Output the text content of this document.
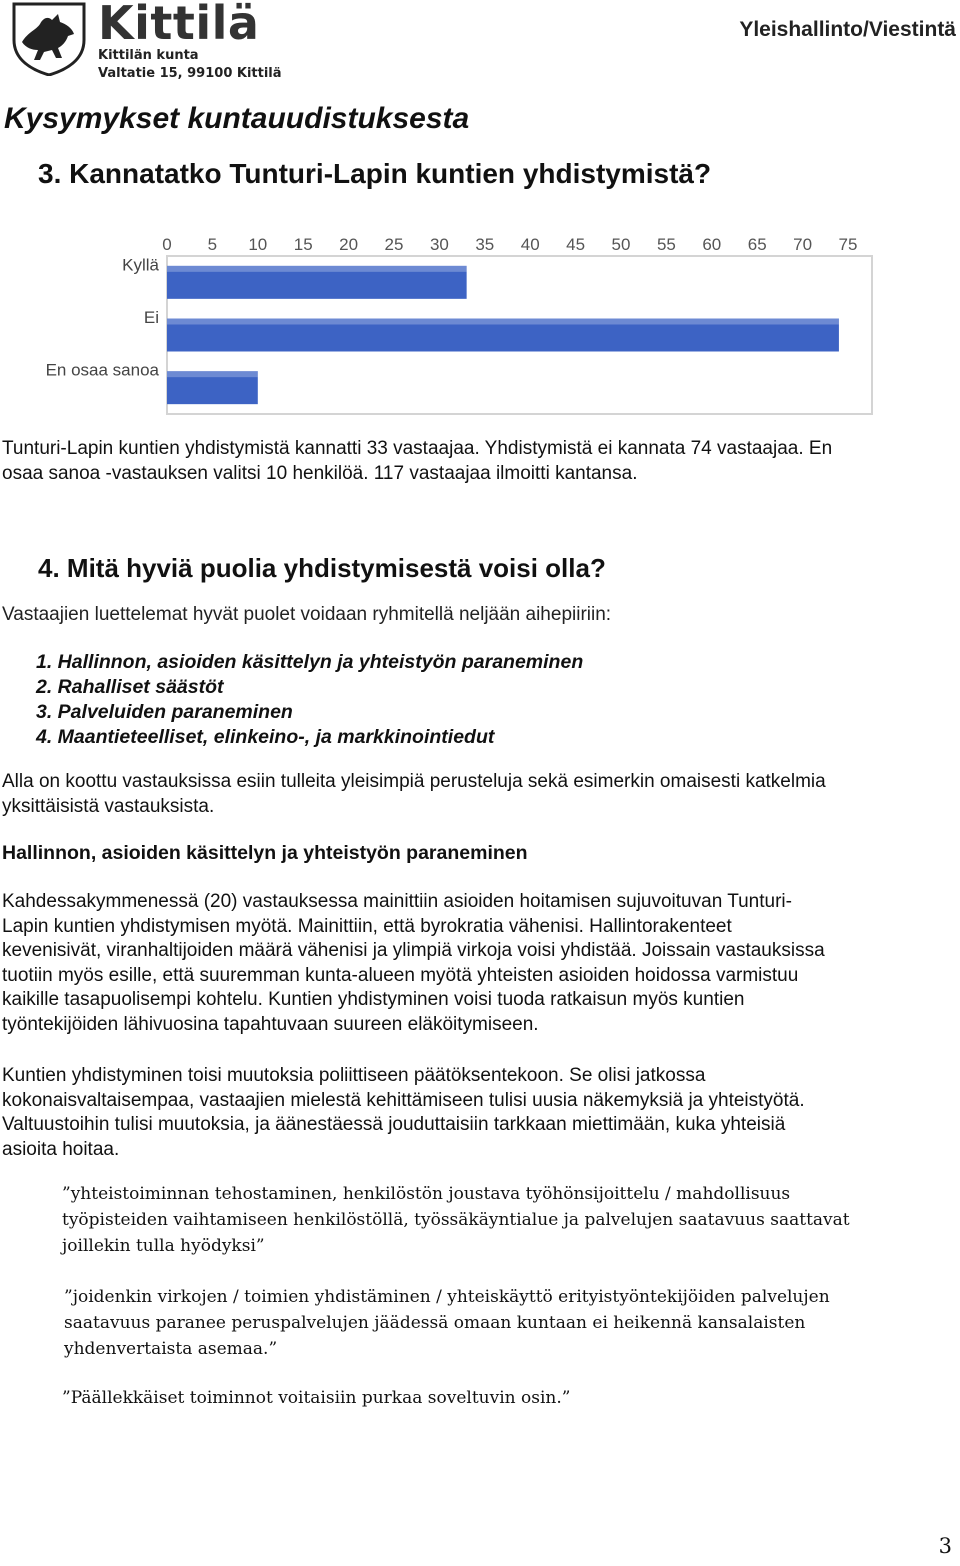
Kittilä
Kittilän kunta
Valtatie 15, 99100 Kittilä
Yleishallinto/Viestintä
Kysymykset kuntauudistuksesta
3. Kannatatko Tunturi-Lapin kuntien yhdistymistä?
0 5 10 15 20 25 30 35 40 45 50 55 60 65 70 75
Kyllä
Ei
En osaa sanoa
Tunturi-Lapin kuntien yhdistymistä kannatti 33 vastaajaa. Yhdistymistä ei kannata 74 vastaajaa. En
osaa sanoa -vastauksen valitsi 10 henkilöä. 117 vastaajaa ilmoitti kantansa.
4. Mitä hyviä puolia yhdistymisestä voisi olla?
Vastaajien luettelemat hyvät puolet voidaan ryhmitellä neljään aihepiiriin:
1. Hallinnon, asioiden käsittelyn ja yhteistyön paraneminen
2. Rahalliset säästöt
3. Palveluiden paraneminen
4. Maantieteelliset, elinkeino-, ja markkinointiedut
Alla on koottu vastauksissa esiin tulleita yleisimpiä perusteluja sekä esimerkin omaisesti katkelmia
yksittäisistä vastauksista.
Hallinnon, asioiden käsittelyn ja yhteistyön paraneminen
Kahdessakymmenessä (20) vastauksessa mainittiin asioiden hoitamisen sujuvoituvan Tunturi-
Lapin kuntien yhdistymisen myötä. Mainittiin, että byrokratia vähenisi. Hallintorakenteet
kevenisivät, viranhaltijoiden määrä vähenisi ja ylimpiä virkoja voisi yhdistää. Joissain vastauksissa
tuotiin myös esille, että suuremman kunta-alueen myötä yhteisten asioiden hoidossa varmistuu
kaikille tasapuolisempi kohtelu. Kuntien yhdistyminen voisi tuoda ratkaisun myös kuntien
työntekijöiden lähivuosina tapahtuvaan suureen eläköitymiseen.
Kuntien yhdistyminen toisi muutoksia poliittiseen päätöksentekoon. Se olisi jatkossa
kokonaisvaltaisempaa, vastaajien mielestä kehittämiseen tulisi uusia näkemyksiä ja yhteistyötä.
Valtuustoihin tulisi muutoksia, ja äänestäessä jouduttaisiin tarkkaan miettimään, kuka yhteisiä
asioita hoitaa.
”yhteistoiminnan tehostaminen, henkilöstön joustava työhönsijoittelu / mahdollisuus
työpisteiden vaihtamiseen henkilöstöllä, työssäkäyntialue ja palvelujen saatavuus saattavat
joillekin tulla hyödyksi”
”joidenkin virkojen / toimien yhdistäminen / yhteiskäyttö erityistyöntekijöiden palvelujen
saatavuus paranee peruspalvelujen jäädessä omaan kuntaan ei heikennä kansalaisten
yhdenvertaista asemaa.”
”Päällekkäiset toiminnot voitaisiin purkaa soveltuvin osin.”
3
